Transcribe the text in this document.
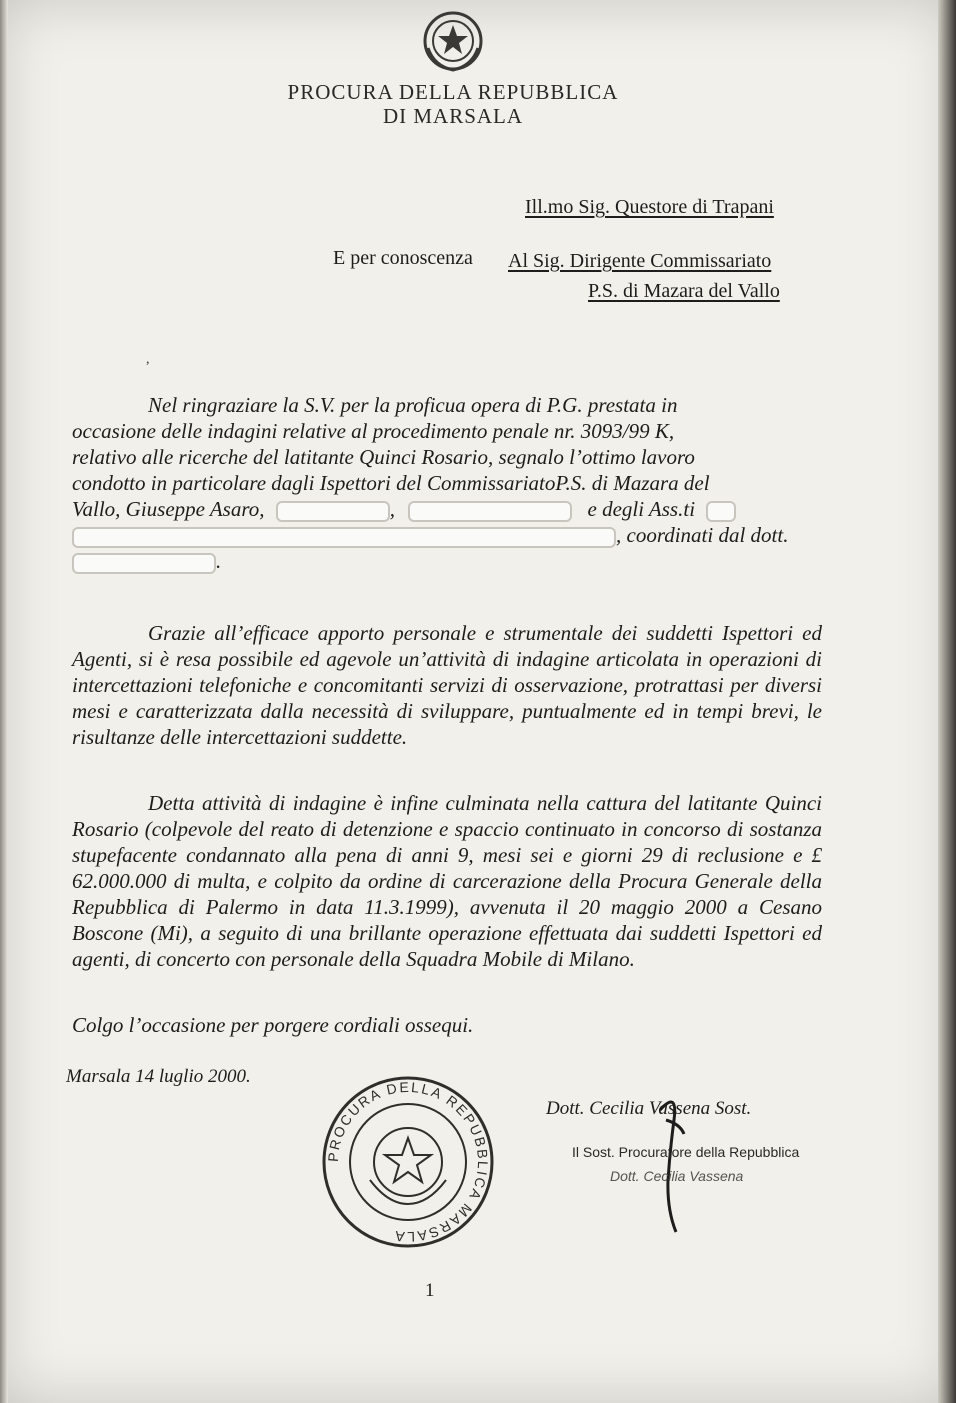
PROCURA DELLA REPUBBLICA
DI MARSALA
Ill.mo Sig. Questore di Trapani
E per conoscenza Al Sig. Dirigente Commissariato
P.S. di Mazara del Vallo
,
Nel ringraziare la S.V. per la proficua opera di P.G. prestata in
occasione delle indagini relative al procedimento penale nr. 3093/99 K,
relativo alle ricerche del latitante Quinci Rosario, segnalo l’ottimo lavoro
condotto in particolare dagli Ispettori del CommissariatoP.S. di Mazara del
Vallo, Giuseppe Asaro,	,	e degli Ass.ti
, coordinati dal dott.
.
Grazie all’efficace apporto personale e strumentale dei suddetti Ispettori ed Agenti, si è resa possibile ed agevole un’attività di indagine articolata in operazioni di intercettazioni telefoniche e concomitanti servizi di osservazione, protrattasi per diversi mesi e caratterizzata dalla necessità di sviluppare, puntualmente ed in tempi brevi, le risultanze delle intercettazioni suddette.
Detta attività di indagine è infine culminata nella cattura del latitante Quinci Rosario (colpevole del reato di detenzione e spaccio continuato in concorso di sostanza stupefacente condannato alla pena di anni 9, mesi sei e giorni 29 di reclusione e £ 62.000.000 di multa, e colpito da ordine di carcerazione della Procura Generale della Repubblica di Palermo in data 11.3.1999), avvenuta il 20 maggio 2000 a Cesano Boscone (Mi), a seguito di una brillante operazione effettuata dai suddetti Ispettori ed agenti, di concerto con personale della Squadra Mobile di Milano.
Colgo l’occasione per porgere cordiali ossequi.
Marsala 14 luglio 2000.
PROCURA DELLA REPUBBLICA MARSALA
Dott. Cecilia Vassena Sost.
Il Sost. Procuratore della Repubblica
Dott. Cecilia Vassena
1
